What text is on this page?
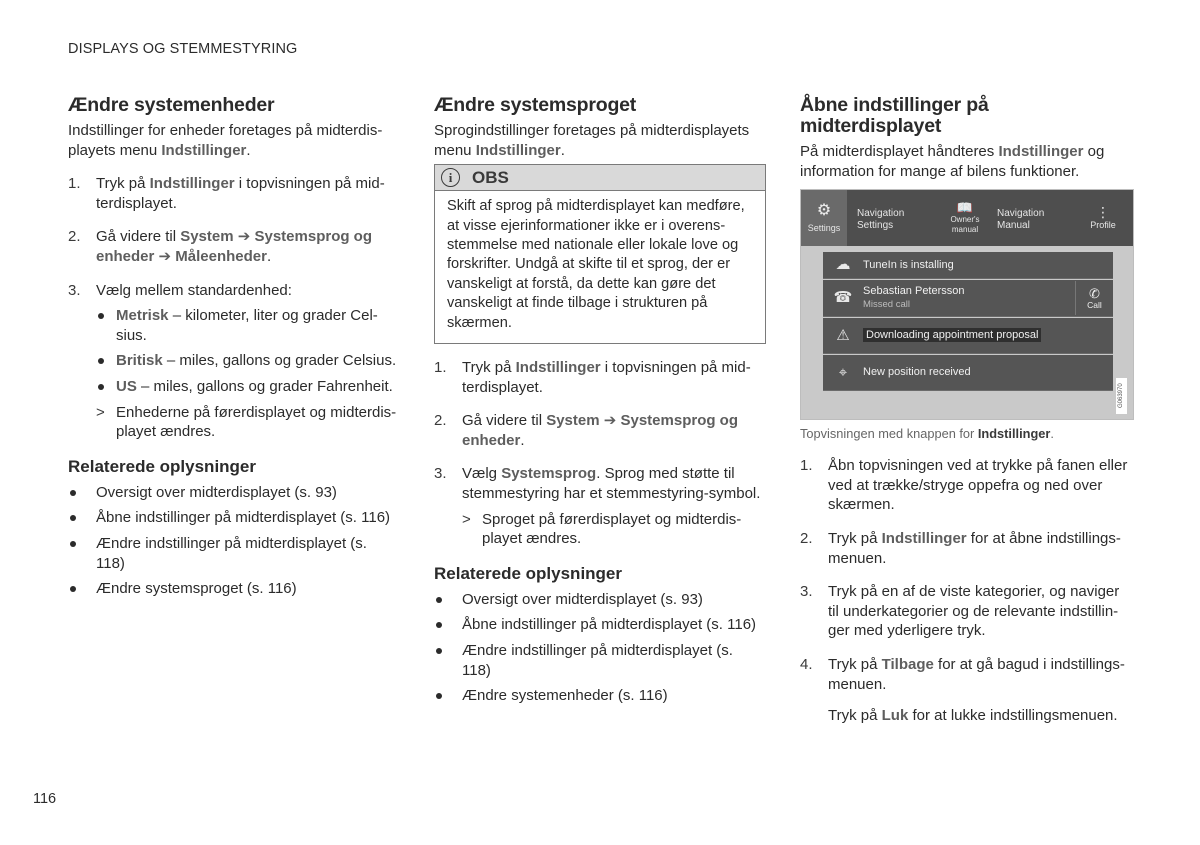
DISPLAYS OG STEMMESTYRING
Ændre systemenheder
Indstillinger for enheder foretages på midterdisplayets menu Indstillinger.
1.	Tryk på Indstillinger i topvisningen på midterdisplayet.
2.	Gå videre til System ➔ Systemsprog og enheder ➔ Måleenheder.
3.	Vælg mellem standardenhed:
Metrisk – kilometer, liter og grader Celsius.
Britisk – miles, gallons og grader Celsius.
US – miles, gallons og grader Fahrenheit.
> Enhederne på førerdisplayet og midterdisplayet ændres.
Relaterede oplysninger
Oversigt over midterdisplayet (s. 93)
Åbne indstillinger på midterdisplayet (s. 116)
Ændre indstillinger på midterdisplayet (s. 118)
Ændre systemsproget (s. 116)
Ændre systemsproget
Sprogindstillinger foretages på midterdisplayets menu Indstillinger.
i	OBS
Skift af sprog på midterdisplayet kan medføre, at visse ejerinformationer ikke er i overensstemmelse med nationale eller lokale love og forskrifter. Undgå at skifte til et sprog, der er vanskeligt at forstå, da dette kan gøre det vanskeligt at finde tilbage i strukturen på skærmen.
1.	Tryk på Indstillinger i topvisningen på midterdisplayet.
2.	Gå videre til System ➔ Systemsprog og enheder.
3.	Vælg Systemsprog. Sprog med støtte til stemmestyring har et stemmestyring-symbol.
> Sproget på førerdisplayet og midterdisplayet ændres.
Relaterede oplysninger
Oversigt over midterdisplayet (s. 93)
Åbne indstillinger på midterdisplayet (s. 116)
Ændre indstillinger på midterdisplayet (s. 118)
Ændre systemenheder (s. 116)
Åbne indstillinger på midterdisplayet
På midterdisplayet håndteres Indstillinger og information for mange af bilens funktioner.
⚙
Settings
Navigation Settings
📖
Owner's manual
Navigation Manual
⋮
Profile
☁	TuneIn is installing
☎ Sebastian Petersson
Missed call
✆
Call
⚠	Downloading appointment proposal
⌖	New position received
G063970
Topvisningen med knappen for Indstillinger.
1.	Åbn topvisningen ved at trykke på fanen eller ved at trække/stryge oppefra og ned over skærmen.
2.	Tryk på Indstillinger for at åbne indstillingsmenuen.
3.	Tryk på en af de viste kategorier, og naviger til underkategorier og de relevante indstillinger med yderligere tryk.
4.	Tryk på Tilbage for at gå bagud i indstillingsmenuen.
Tryk på Luk for at lukke indstillingsmenuen.
116
